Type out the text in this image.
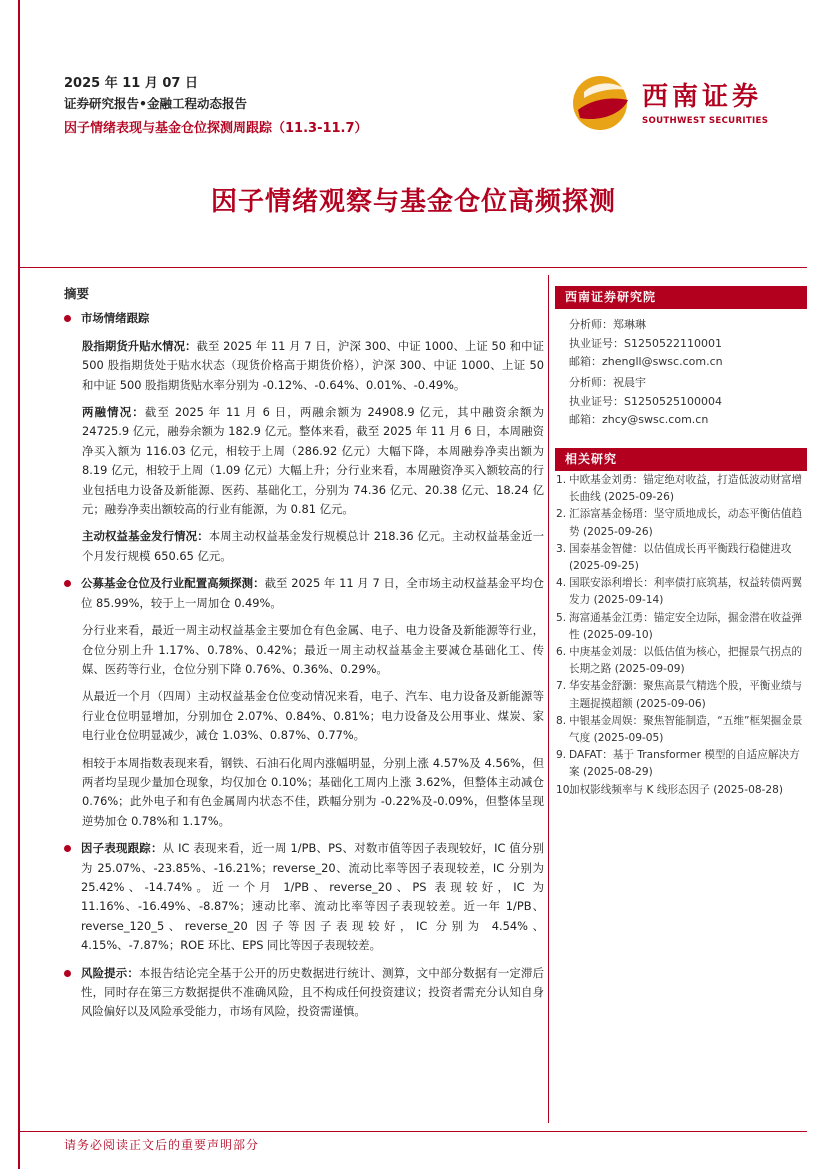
2025 年 11 月 07 日
证券研究报告•金融工程动态报告
因子情绪表现与基金仓位探测周跟踪（11.3-11.7）
西南证券
SOUTHWEST SECURITIES
因子情绪观察与基金仓位高频探测
摘要
市场情绪跟踪
股指期货升贴水情况：截至 2025 年 11 月 7 日，沪深 300、中证 1000、上证 50 和中证 500 股指期货处于贴水状态（现货价格高于期货价格），沪深 300、中证 1000、上证 50 和中证 500 股指期货贴水率分别为 -0.12%、-0.64%、0.01%、-0.49%。
两融情况：截至 2025 年 11 月 6 日，两融余额为 24908.9 亿元，其中融资余额为 24725.9 亿元，融券余额为 182.9 亿元。整体来看，截至 2025 年 11 月 6 日，本周融资净买入额为 116.03 亿元，相较于上周（286.92 亿元）大幅下降，本周融券净卖出额为 8.19 亿元，相较于上周（1.09 亿元）大幅上升；分行业来看，本周融资净买入额较高的行业包括电力设备及新能源、医药、基础化工，分别为 74.36 亿元、20.38 亿元、18.24 亿元；融券净卖出额较高的行业有能源，为 0.81 亿元。
主动权益基金发行情况：本周主动权益基金发行规模总计 218.36 亿元。主动权益基金近一个月发行规模 650.65 亿元。
公募基金仓位及行业配置高频探测：截至 2025 年 11 月 7 日，全市场主动权益基金平均仓位 85.99%，较于上一周加仓 0.49%。
分行业来看，最近一周主动权益基金主要加仓有色金属、电子、电力设备及新能源等行业，仓位分别上升 1.17%、0.78%、0.42%；最近一周主动权益基金主要减仓基础化工、传媒、医药等行业，仓位分别下降 0.76%、0.36%、0.29%。
从最近一个月（四周）主动权益基金仓位变动情况来看，电子、汽车、电力设备及新能源等行业仓位明显增加，分别加仓 2.07%、0.84%、0.81%；电力设备及公用事业、煤炭、家电行业仓位明显减少，减仓 1.03%、0.87%、0.77%。
相较于本周指数表现来看，钢铁、石油石化周内涨幅明显，分别上涨 4.57%及 4.56%，但两者均呈现少量加仓现象，均仅加仓 0.10%；基础化工周内上涨 3.62%，但整体主动减仓 0.76%；此外电子和有色金属周内状态不佳，跌幅分别为 -0.22%及-0.09%，但整体呈现逆势加仓 0.78%和 1.17%。
因子表现跟踪：从 IC 表现来看，近一周 1/PB、PS、对数市值等因子表现较好，IC 值分别为 25.07%、-23.85%、-16.21%；reverse_20、流动比率等因子表现较差，IC 分别为 25.42%、-14.74%。近一个月 1/PB、reverse_20、PS 表现较好，IC 为 11.16%、-16.49%、-8.87%；速动比率、流动比率等因子表现较差。近一年 1/PB、reverse_120_5、reverse_20 因子等因子表现较好，IC 分别为 4.54%、4.15%、-7.87%；ROE 环比、EPS 同比等因子表现较差。
风险提示：本报告结论完全基于公开的历史数据进行统计、测算，文中部分数据有一定滞后性，同时存在第三方数据提供不准确风险，且不构成任何投资建议；投资者需充分认知自身风险偏好以及风险承受能力，市场有风险，投资需谨慎。
西南证券研究院
分析师：郑琳琳
执业证号：S1250522110001
邮箱：zhengll@swsc.com.cn
分析师：祝晨宇
执业证号：S1250525100004
邮箱：zhcy@swsc.com.cn
相关研究
1. 中欧基金刘勇：锚定绝对收益，打造低波动财富增长曲线 (2025-09-26)
2. 汇添富基金杨瑨：坚守质地成长，动态平衡估值趋势 (2025-09-26)
3. 国泰基金智健：以估值成长再平衡践行稳健进攻 (2025-09-25)
4. 国联安添利增长：利率债打底筑基，权益转债两翼发力 (2025-09-14)
5. 海富通基金江勇：锚定安全边际，掘金潜在收益弹性 (2025-09-10)
6. 中庚基金刘晟：以低估值为核心，把握景气拐点的长期之路 (2025-09-09)
7. 华安基金舒灏：聚焦高景气精选个股，平衡业绩与主题捉摸超额 (2025-09-06)
8. 中银基金周娱：聚焦智能制造，“五维”框架掘金景气度 (2025-09-05)
9. DAFAT：基于 Transformer 模型的自适应解决方案 (2025-08-29)
10.
加权影线频率与 K 线形态因子 (2025-08-28)
请务必阅读正文后的重要声明部分
